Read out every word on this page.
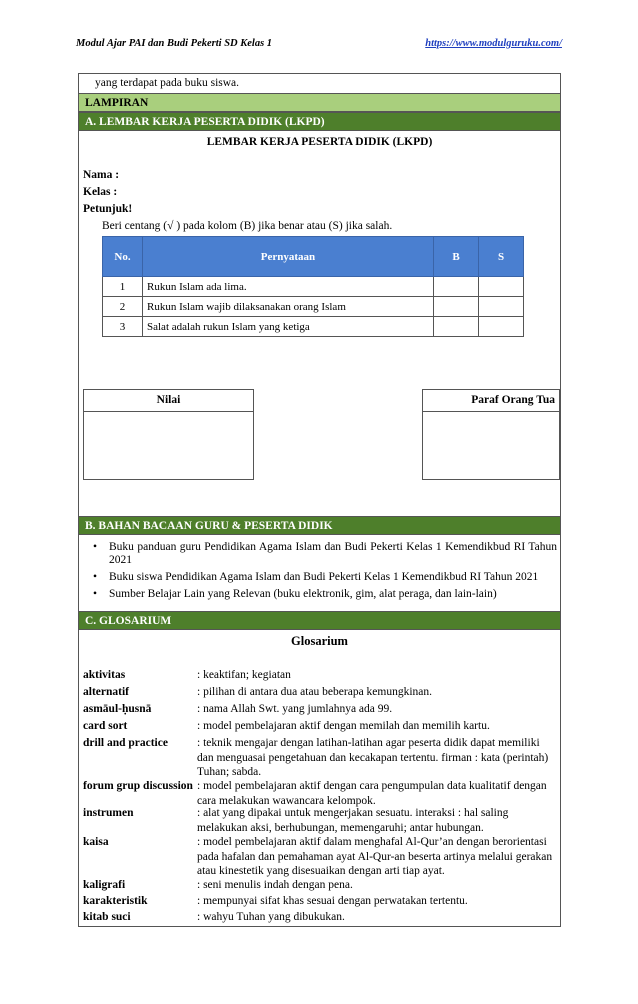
Modul Ajar PAI dan Budi Pekerti SD Kelas 1	https://www.modulguruku.com/
yang terdapat pada buku siswa.
LAMPIRAN
A. LEMBAR KERJA PESERTA DIDIK (LKPD)
LEMBAR KERJA PESERTA DIDIK (LKPD)
Nama :
Kelas :
Petunjuk!
Beri centang (√ ) pada kolom (B) jika benar atau (S) jika salah.
No.	Pernyataan	B	S
1	Rukun Islam ada lima.		
2	Rukun Islam wajib dilaksanakan orang Islam		
3	Salat adalah rukun Islam yang ketiga		
Nilai	Paraf Orang Tua
B. BAHAN BACAAN GURU & PESERTA DIDIK
• Buku panduan guru Pendidikan Agama Islam dan Budi Pekerti Kelas 1 Kemendikbud RI Tahun 2021
• Buku siswa Pendidikan Agama Islam dan Budi Pekerti Kelas 1 Kemendikbud RI Tahun 2021
• Sumber Belajar Lain yang Relevan (buku elektronik, gim, alat peraga, dan lain-lain)
C. GLOSARIUM
Glosarium
aktivitas	: keaktifan; kegiatan
alternatif	: pilihan di antara dua atau beberapa kemungkinan.
asmāul-ḥusnā	: nama Allah Swt. yang jumlahnya ada 99.
card sort	: model pembelajaran aktif dengan memilah dan memilih kartu.
drill and practice	: teknik mengajar dengan latihan-latihan agar peserta didik dapat memiliki dan menguasai pengetahuan dan kecakapan tertentu. firman : kata (perintah) Tuhan; sabda.
forum grup discussion : model pembelajaran aktif dengan cara pengumpulan data kualitatif dengan cara melakukan wawancara kelompok.
instrumen	: alat yang dipakai untuk mengerjakan sesuatu. interaksi : hal saling melakukan aksi, berhubungan, memengaruhi; antar hubungan.
kaisa	: model pembelajaran aktif dalam menghafal Al-Qur’an dengan berorientasi pada hafalan dan pemahaman ayat Al-Qur-an beserta artinya melalui gerakan atau kinestetik yang disesuaikan dengan arti tiap ayat.
kaligrafi	: seni menulis indah dengan pena.
karakteristik	: mempunyai sifat khas sesuai dengan perwatakan tertentu.
kitab suci	: wahyu Tuhan yang dibukukan.
